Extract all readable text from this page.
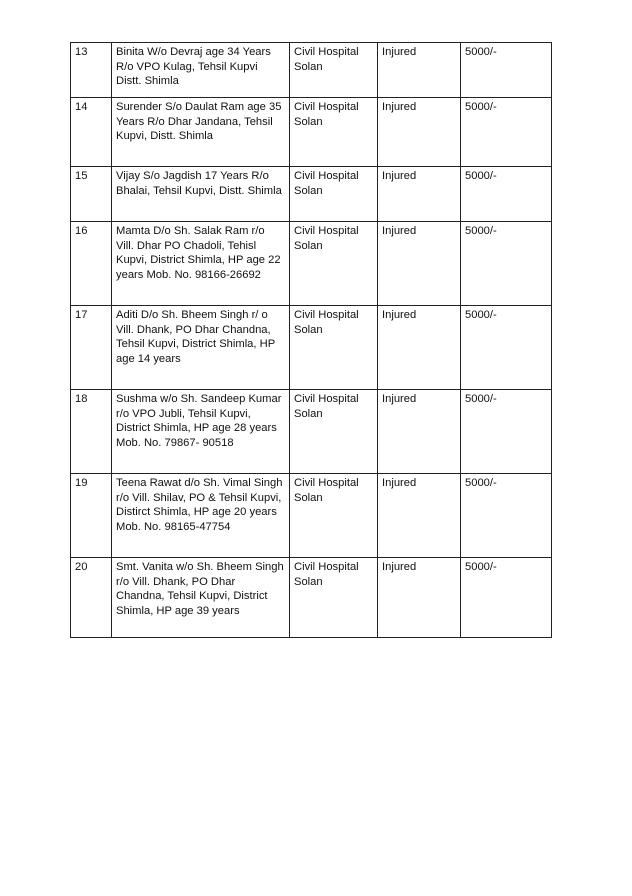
13	Binita W/o Devraj age 34 Years R/o VPO Kulag, Tehsil Kupvi Distt. Shimla	Civil Hospital Solan	Injured	5000/-
14	Surender S/o Daulat Ram age 35 Years R/o Dhar Jandana, Tehsil Kupvi, Distt. Shimla	Civil Hospital Solan	Injured	5000/-
15	Vijay S/o Jagdish 17 Years R/o Bhalai, Tehsil Kupvi, Distt. Shimla	Civil Hospital Solan	Injured	5000/-
16	Mamta D/o Sh. Salak Ram r/o Vill. Dhar PO Chadoli, Tehisl Kupvi, District Shimla, HP age 22 years Mob. No. 98166-26692	Civil Hospital Solan	Injured	5000/-
17	Aditi D/o Sh. Bheem Singh r/ o Vill. Dhank, PO Dhar Chandna, Tehsil Kupvi, District Shimla, HP age 14 years	Civil Hospital Solan	Injured	5000/-
18	Sushma w/o Sh. Sandeep Kumar r/o VPO Jubli, Tehsil Kupvi, District Shimla, HP age 28 years Mob. No. 79867- 90518	Civil Hospital Solan	Injured	5000/-
19	Teena Rawat d/o Sh. Vimal Singh r/o Vill. Shilav, PO & Tehsil Kupvi, Distirct Shimla, HP age 20 years Mob. No. 98165-47754	Civil Hospital Solan	Injured	5000/-
20	Smt. Vanita w/o Sh. Bheem Singh r/o Vill. Dhank, PO Dhar Chandna, Tehsil Kupvi, District Shimla, HP age 39 years	Civil Hospital Solan	Injured	5000/-
